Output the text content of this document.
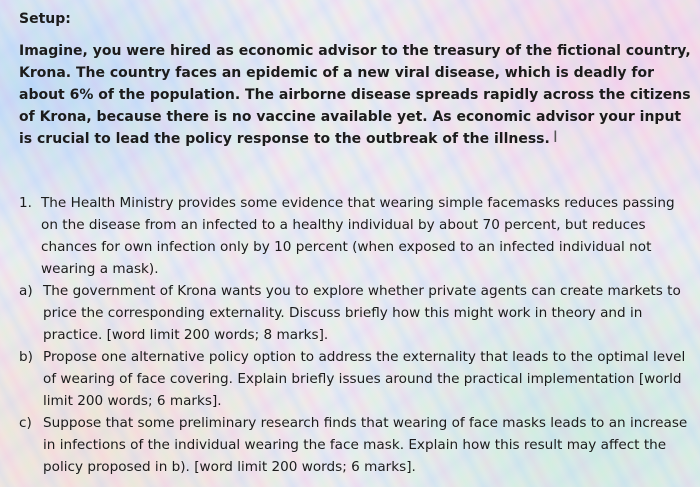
Setup:

Imagine, you were hired as economic advisor to the treasury of the fictional country, Krona. The country faces an epidemic of a new viral disease, which is deadly for about 6% of the population. The airborne disease spreads rapidly across the citizens of Krona, because there is no vaccine available yet. As economic advisor your input is crucial to lead the policy response to the outbreak of the illness. I
1. The Health Ministry provides some evidence that wearing simple facemasks reduces passing on the disease from an infected to a healthy individual by about 70 percent, but reduces chances for own infection only by 10 percent (when exposed to an infected individual not wearing a mask).
a) The government of Krona wants you to explore whether private agents can create markets to price the corresponding externality. Discuss briefly how this might work in theory and in practice. [word limit 200 words; 8 marks].
b) Propose one alternative policy option to address the externality that leads to the optimal level of wearing of face covering. Explain briefly issues around the practical implementation [world limit 200 words; 6 marks].
c) Suppose that some preliminary research finds that wearing of face masks leads to an increase in infections of the individual wearing the face mask. Explain how this result may affect the policy proposed in b). [word limit 200 words; 6 marks].
